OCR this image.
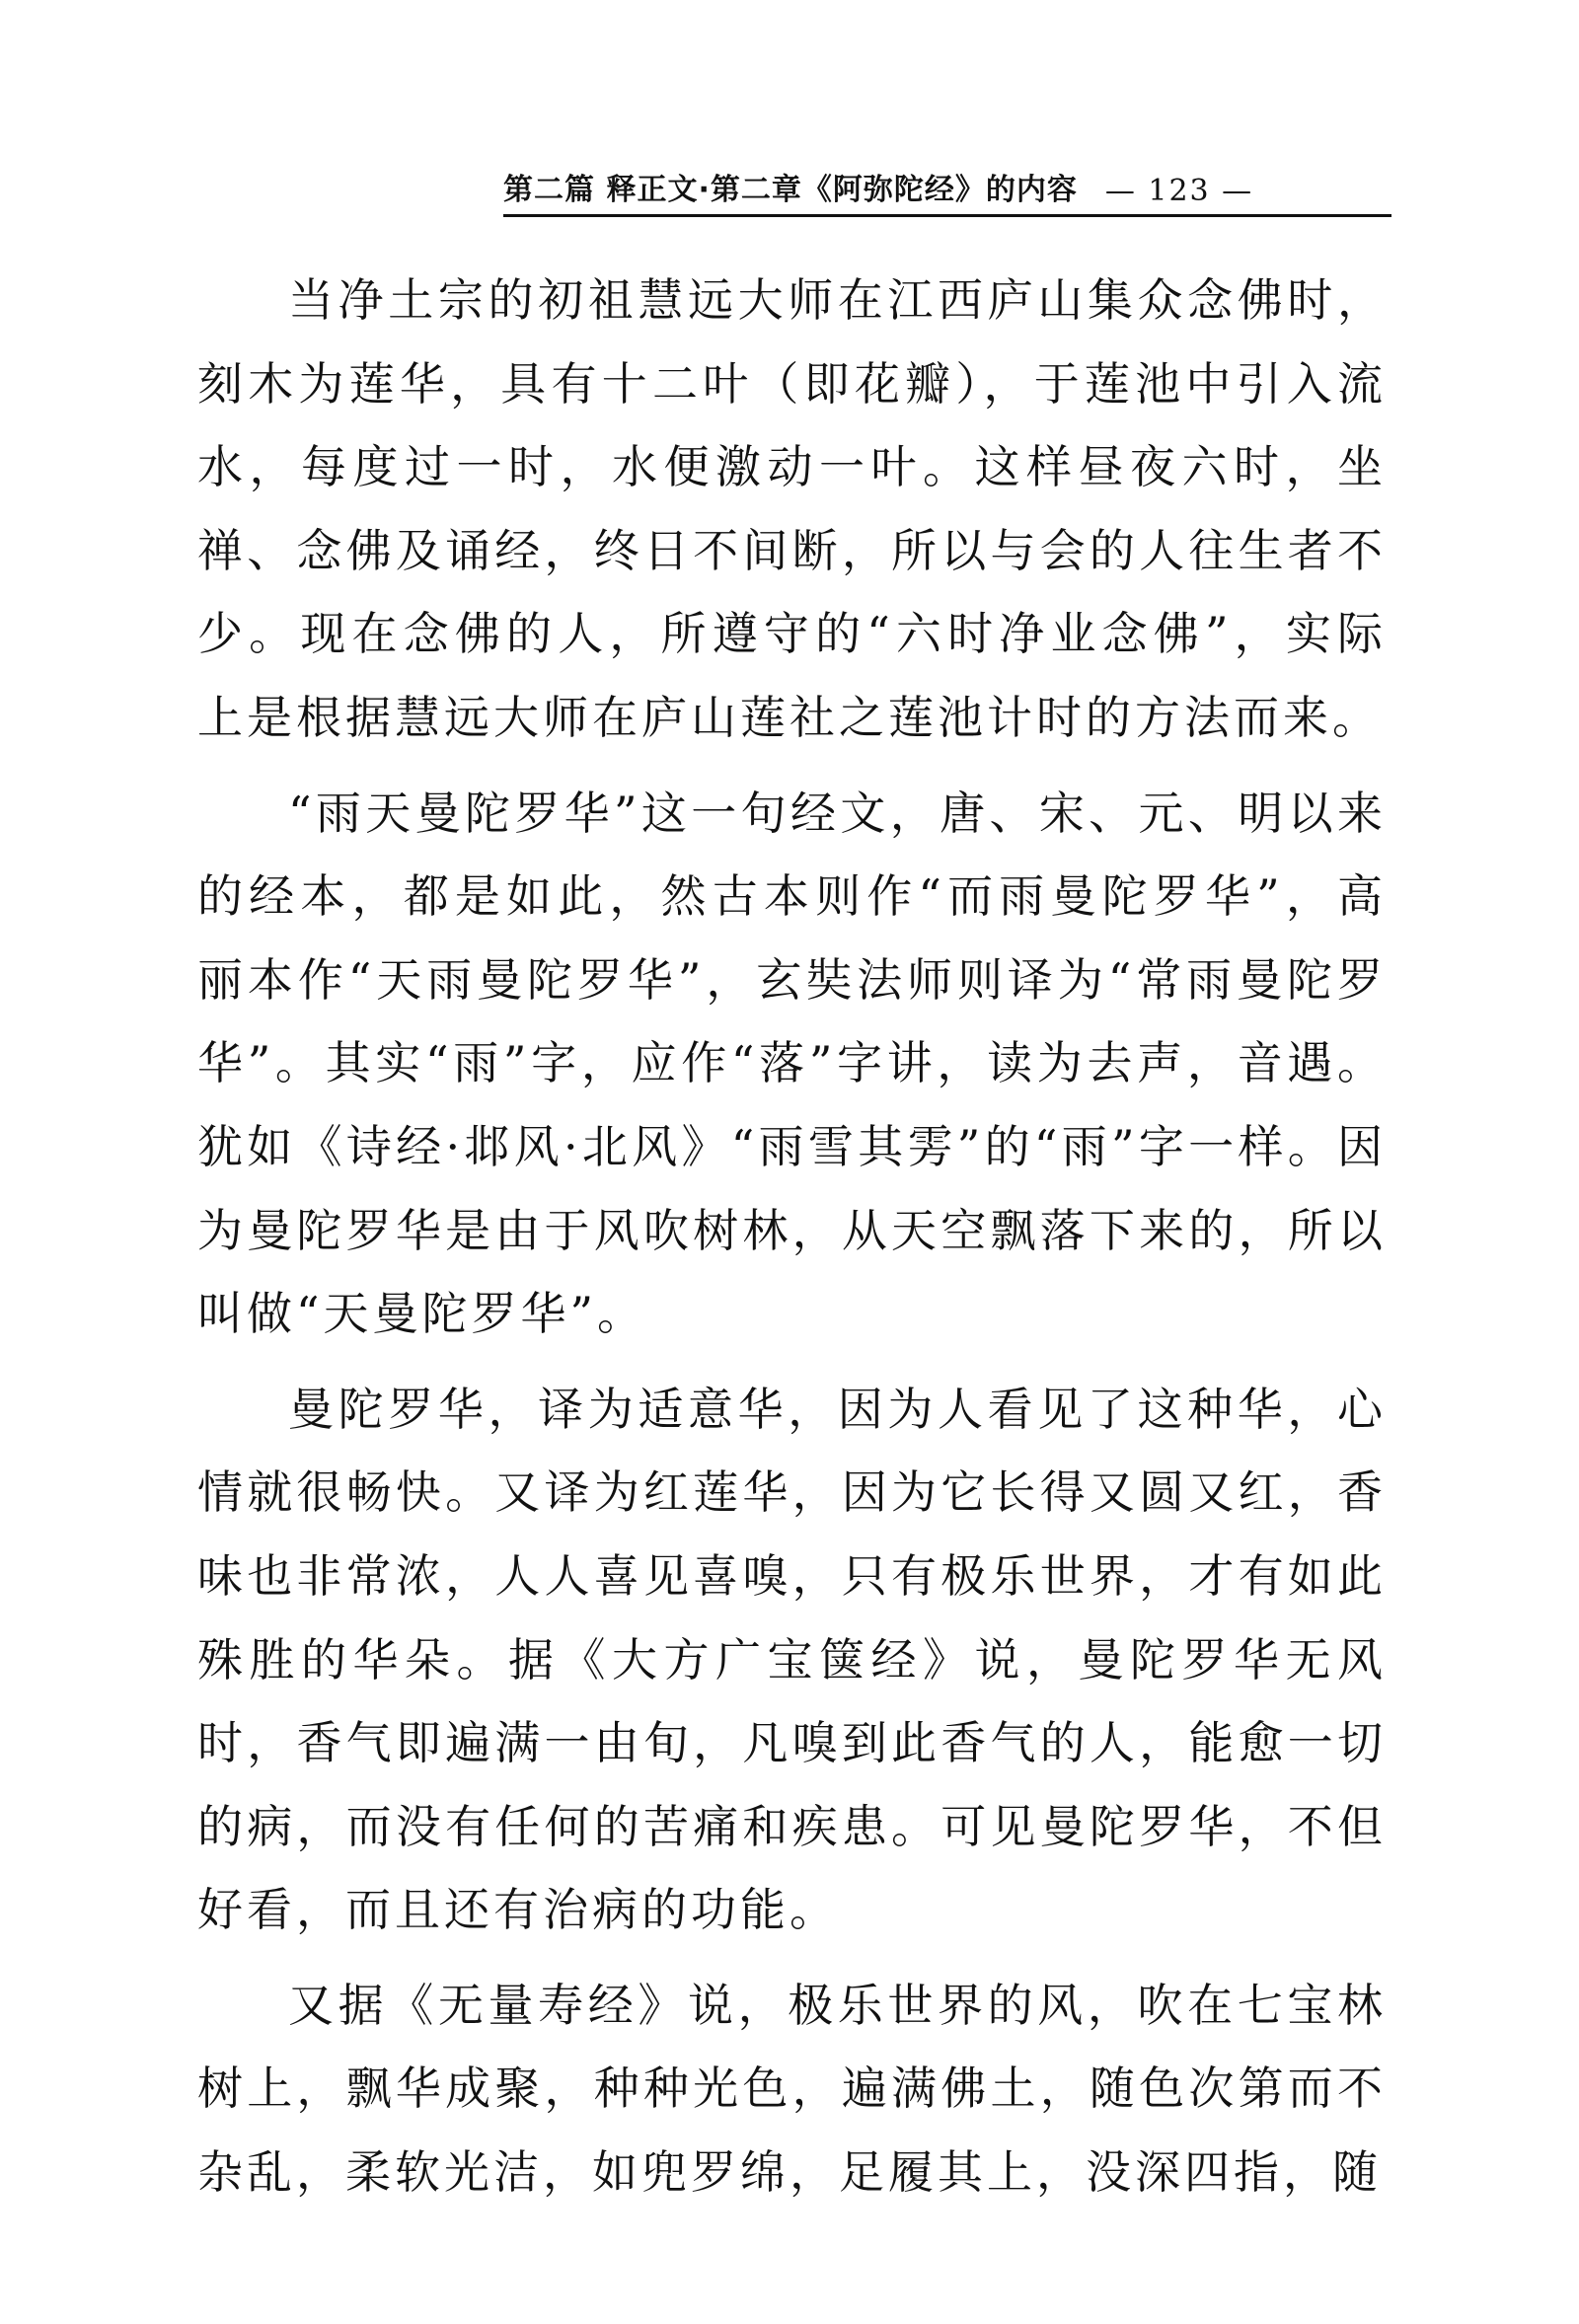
第二篇 释正文·第二章《阿弥陀经》的内容 — 123 —

当净土宗的初祖慧远大师在江西庐山集众念佛时，刻木为莲华，具有十二叶（即花瓣），于莲池中引入流水，每度过一时，水便激动一叶。这样昼夜六时，坐禅、念佛及诵经，终日不间断，所以与会的人往生者不少。现在念佛的人，所遵守的“六时净业念佛”，实际上是根据慧远大师在庐山莲社之莲池计时的方法而来。

“雨天曼陀罗华”这一句经文，唐、宋、元、明以来的经本，都是如此，然古本则作“而雨曼陀罗华”，高丽本作“天雨曼陀罗华”，玄奘法师则译为“常雨曼陀罗华”。其实“雨”字，应作“落”字讲，读为去声，音遇。犹如《诗经·邶风·北风》“雨雪其雱”的“雨”字一样。因为曼陀罗华是由于风吹树林，从天空飘落下来的，所以叫做“天曼陀罗华”。

曼陀罗华，译为适意华，因为人看见了这种华，心情就很畅快。又译为红莲华，因为它长得又圆又红，香味也非常浓，人人喜见喜嗅，只有极乐世界，才有如此殊胜的华朵。据《大方广宝箧经》说，曼陀罗华无风时，香气即遍满一由旬，凡嗅到此香气的人，能愈一切的病，而没有任何的苦痛和疾患。可见曼陀罗华，不但好看，而且还有治病的功能。

又据《无量寿经》说，极乐世界的风，吹在七宝林树上，飘华成聚，种种光色，遍满佛土，随色次第而不杂乱，柔软光洁，如兜罗绵，足履其上，没深四指，随
